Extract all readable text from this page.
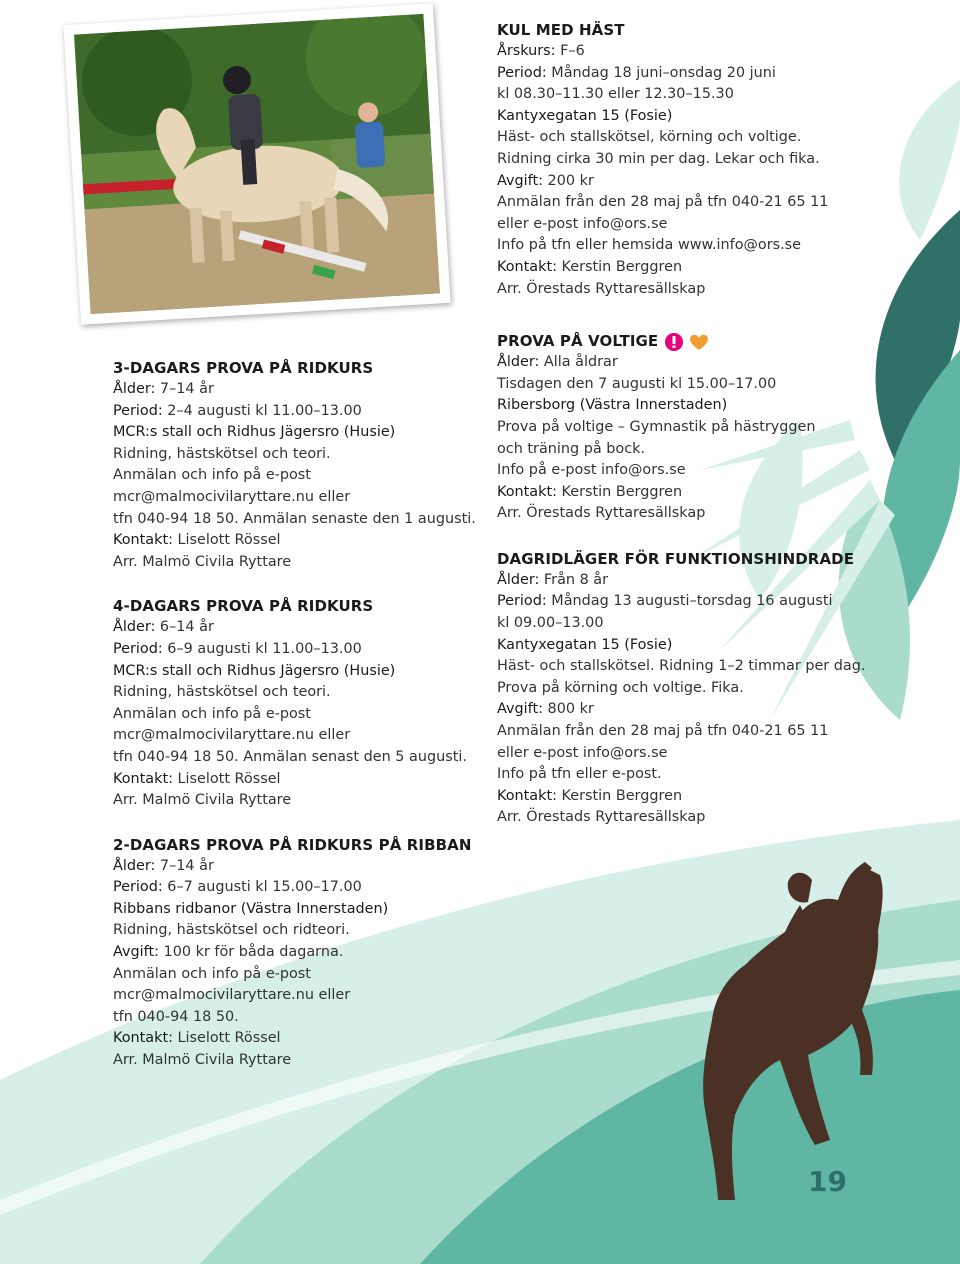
3-DAGARS PROVA PÅ RIDKURS
Ålder: 7–14 år
Period: 2–4 augusti kl 11.00–13.00
MCR:s stall och Ridhus Jägersro (Husie)
Ridning, hästskötsel och teori.
Anmälan och info på e-post
mcr@malmocivilaryttare.nu eller
tfn 040-94 18 50. Anmälan senaste den 1 augusti.
Kontakt: Liselott Rössel
Arr. Malmö Civila Ryttare
4-DAGARS PROVA PÅ RIDKURS
Ålder: 6–14 år
Period: 6–9 augusti kl 11.00–13.00
MCR:s stall och Ridhus Jägersro (Husie)
Ridning, hästskötsel och teori.
Anmälan och info på e-post
mcr@malmocivilaryttare.nu eller
tfn 040-94 18 50. Anmälan senast den 5 augusti.
Kontakt: Liselott Rössel
Arr. Malmö Civila Ryttare
2-DAGARS PROVA PÅ RIDKURS PÅ RIBBAN
Ålder: 7–14 år
Period: 6–7 augusti kl 15.00–17.00
Ribbans ridbanor (Västra Innerstaden)
Ridning, hästskötsel och ridteori.
Avgift: 100 kr för båda dagarna.
Anmälan och info på e-post
mcr@malmocivilaryttare.nu eller
tfn 040-94 18 50.
Kontakt: Liselott Rössel
Arr. Malmö Civila Ryttare
KUL MED HÄST
Årskurs: F–6
Period: Måndag 18 juni–onsdag 20 juni
kl 08.30–11.30 eller 12.30–15.30
Kantyxegatan 15 (Fosie)
Häst- och stallskötsel, körning och voltige.
Ridning cirka 30 min per dag. Lekar och fika.
Avgift: 200 kr
Anmälan från den 28 maj på tfn 040-21 65 11
eller e-post info@ors.se
Info på tfn eller hemsida www.info@ors.se
Kontakt: Kerstin Berggren
Arr. Örestads Ryttaresällskap
PROVA PÅ VOLTIGE
Ålder: Alla åldrar
Tisdagen den 7 augusti kl 15.00–17.00
Ribersborg (Västra Innerstaden)
Prova på voltige – Gymnastik på hästryggen
och träning på bock.
Info på e-post info@ors.se
Kontakt: Kerstin Berggren
Arr. Örestads Ryttaresällskap
DAGRIDLÄGER FÖR FUNKTIONSHINDRADE
Ålder: Från 8 år
Period: Måndag 13 augusti–torsdag 16 augusti
kl 09.00–13.00
Kantyxegatan 15 (Fosie)
Häst- och stallskötsel. Ridning 1–2 timmar per dag.
Prova på körning och voltige. Fika.
Avgift: 800 kr
Anmälan från den 28 maj på tfn 040-21 65 11
eller e-post info@ors.se
Info på tfn eller e-post.
Kontakt: Kerstin Berggren
Arr. Örestads Ryttaresällskap
19
